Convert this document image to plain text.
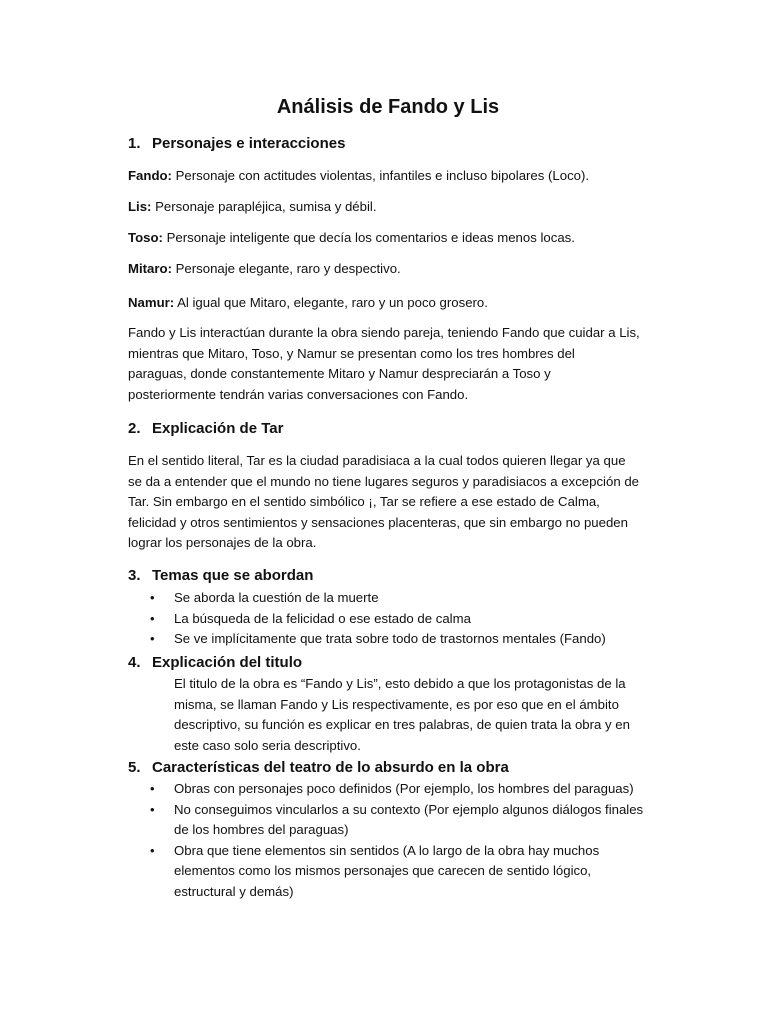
Análisis de Fando y Lis
1. Personajes e interacciones

Fando: Personaje con actitudes violentas, infantiles e incluso bipolares (Loco).

Lis: Personaje parapléjica, sumisa y débil.

Toso: Personaje inteligente que decía los comentarios e ideas menos locas.

Mitaro: Personaje elegante, raro y despectivo.

Namur: Al igual que Mitaro, elegante, raro y un poco grosero.

Fando y Lis interactúan durante la obra siendo pareja, teniendo Fando que cuidar a Lis,
mientras que Mitaro, Toso, y Namur se presentan como los tres hombres del
paraguas, donde constantemente Mitaro y Namur despreciarán a Toso y
posteriormente tendrán varias conversaciones con Fando.
2. Explicación de Tar
En el sentido literal, Tar es la ciudad paradisiaca a la cual todos quieren llegar ya que
se da a entender que el mundo no tiene lugares seguros y paradisiacos a excepción de
Tar. Sin embargo en el sentido simbólico ¡, Tar se refiere a ese estado de Calma,
felicidad y otros sentimientos y sensaciones placenteras, que sin embargo no pueden
lograr los personajes de la obra.
3. Temas que se abordan
• Se aborda la cuestión de la muerte
• La búsqueda de la felicidad o ese estado de calma
• Se ve implícitamente que trata sobre todo de trastornos mentales (Fando)
4. Explicación del titulo
El titulo de la obra es “Fando y Lis”, esto debido a que los protagonistas de la
misma, se llaman Fando y Lis respectivamente, es por eso que en el ámbito
descriptivo, su función es explicar en tres palabras, de quien trata la obra y en
este caso solo seria descriptivo.
5. Características del teatro de lo absurdo en la obra
• Obras con personajes poco definidos (Por ejemplo, los hombres del paraguas)
• No conseguimos vincularlos a su contexto (Por ejemplo algunos diálogos finales
de los hombres del paraguas)
• Obra que tiene elementos sin sentidos (A lo largo de la obra hay muchos
elementos como los mismos personajes que carecen de sentido lógico,
estructural y demás)
